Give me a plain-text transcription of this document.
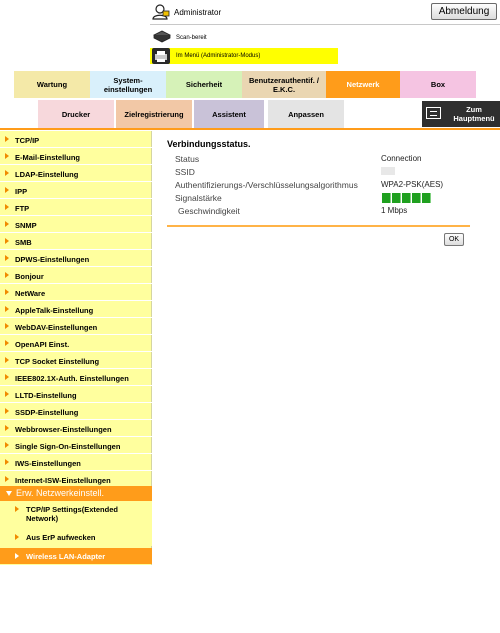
Administrator	Abmeldung
Scan-bereit
Im Menü (Administrator-Modus)
Wartung	System-
einstellungen	Sicherheit	Benutzerauthentif. /
E.K.C.	Netzwerk	Box
Drucker	Zielregistrierung	Assistent	Anpassen	Zum
Hauptmenü
TCP/IP
E-Mail-Einstellung
LDAP-Einstellung
IPP
FTP
SNMP
SMB
DPWS-Einstellungen
Bonjour
NetWare
AppleTalk-Einstellung
WebDAV-Einstellungen
OpenAPI Einst.
TCP Socket Einstellung
IEEE802.1X-Auth. Einstellungen
LLTD-Einstellung
SSDP-Einstellung
Webbrowser-Einstellungen
Single Sign-On-Einstellungen
IWS-Einstellungen
Internet-ISW-Einstellungen
Erw. Netzwerkeinstell.
TCP/IP Settings(Extended Network)
Aus ErP aufwecken
Wireless LAN-Adapter
Verbindungsstatus.
Status	Connection
SSID
Authentifizierungs-/Verschlüsselungsalgorithmus	WPA2-PSK(AES)
Signalstärke
Geschwindigkeit	1 Mbps
OK
